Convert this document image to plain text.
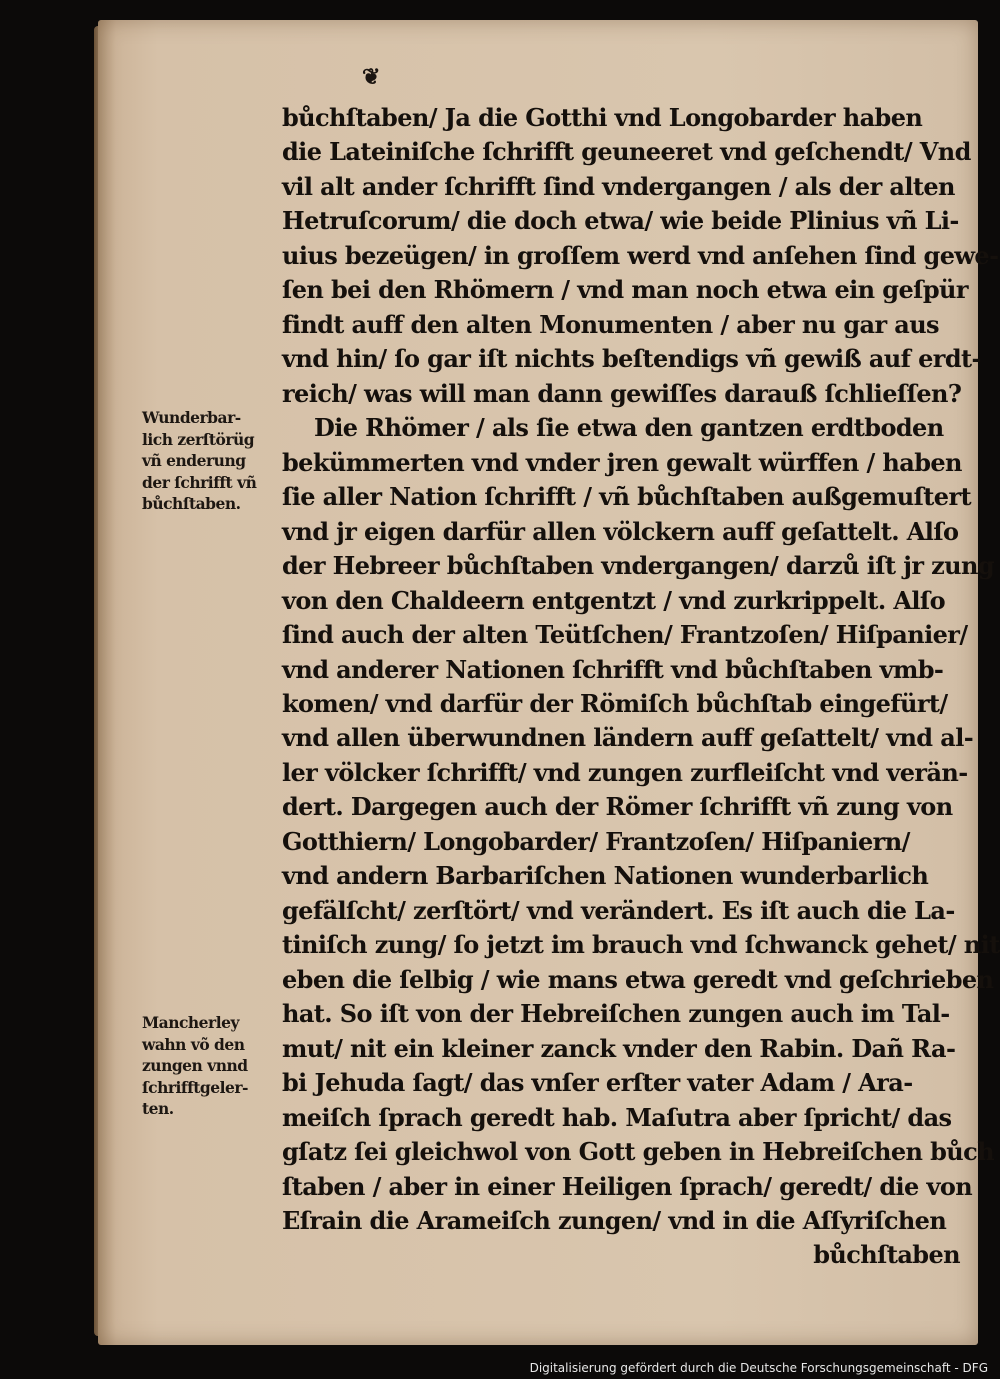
❦
bůchſtaben/ Ja die Gotthi vnd Longobarder haben
die Lateiniſche ſchrifft geuneeret vnd geſchendt/ Vnd
vil alt ander ſchrifft ſind vndergangen / als der alten
Hetruſcorum/ die doch etwa/ wie beide Plinius vñ Li-
uius bezeügen/ in groſſem werd vnd anſehen ſind gewe-
ſen bei den Rhömern / vnd man noch etwa ein geſpür
findt auff den alten Monumenten / aber nu gar aus
vnd hin/ ſo gar iſt nichts beſtendigs vñ gewiß auf erdt-
reich/ was will man dann gewiſſes darauß ſchlieſſen?
Die Rhömer / als ſie etwa den gantzen erdtboden
bekümmerten vnd vnder jren gewalt würffen / haben
ſie aller Nation ſchrifft / vñ bůchſtaben außgemuſtert
vnd jr eigen darfür allen völckern auff geſattelt. Alſo
der Hebreer bůchſtaben vndergangen/ darzů iſt jr zung
von den Chaldeern entgentzt / vnd zurkrippelt. Alſo
ſind auch der alten Teütſchen/ Frantzoſen/ Hiſpanier/
vnd anderer Nationen ſchrifft vnd bůchſtaben vmb-
komen/ vnd darfür der Römiſch bůchſtab eingefürt/
vnd allen überwundnen ländern auff geſattelt/ vnd al-
ler völcker ſchrifft/ vnd zungen zurfleiſcht vnd verän-
dert. Dargegen auch der Römer ſchrifft vñ zung von
Gotthiern/ Longobarder/ Frantzoſen/ Hiſpaniern/
vnd andern Barbariſchen Nationen wunderbarlich
gefälſcht/ zerſtört/ vnd verändert. Es iſt auch die La-
tiniſch zung/ ſo jetzt im brauch vnd ſchwanck gehet/ nit
eben die ſelbig / wie mans etwa geredt vnd geſchrieben
hat. So iſt von der Hebreiſchen zungen auch im Tal-
mut/ nit ein kleiner zanck vnder den Rabin. Dañ Ra-
bi Jehuda ſagt/ das vnſer erſter vater Adam / Ara-
meiſch ſprach geredt hab. Maſutra aber ſpricht/ das
gſatz ſei gleichwol von Gott geben in Hebreiſchen bůch
ſtaben / aber in einer Heiligen ſprach/ geredt/ die von
Eſrain die Arameiſch zungen/ vnd in die Aſſyriſchen
bůchſtaben
Wunderbar-
lich zerſtörüg
vñ enderung
der ſchrifft vñ
bůchſtaben.
Mancherley
wahn võ den
zungen vnnd
ſchrifftgeler-
ten.
Digitalisierung gefördert durch die Deutsche Forschungsgemeinschaft - DFG
